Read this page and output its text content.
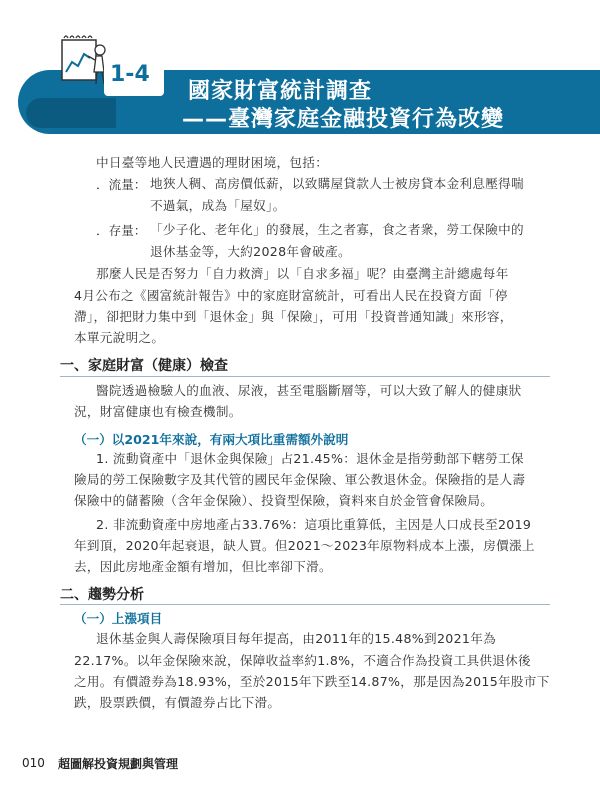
1-4
國家財富統計調查
——臺灣家庭金融投資行為改變
中日臺等地人民遭遇的理財困境，包括：
．流量： 地狹人稠、高房價低薪，以致購屋貸款人士被房貸本金利息壓得喘
不過氣，成為「屋奴」。
．存量： 「少子化、老年化」的發展，生之者寡，食之者衆，勞工保險中的
退休基金等，大約2028年會破產。
那麼人民是否努力「自力救濟」以「自求多福」呢？由臺灣主計總處每年
4月公布之《國富統計報告》中的家庭財富統計，可看出人民在投資方面「停
滯」，卻把財力集中到「退休金」與「保險」，可用「投資普通知識」來形容，
本單元說明之。
一、家庭財富（健康）檢查
醫院透過檢驗人的血液、尿液，甚至電腦斷層等，可以大致了解人的健康狀
況，財富健康也有檢查機制。
（一）以2021年來說，有兩大項比重需額外說明
1. 流動資產中「退休金與保險」占21.45%：退休金是指勞動部下轄勞工保
險局的勞工保險數字及其代管的國民年金保險、軍公教退休金。保險指的是人壽
保險中的儲蓄險（含年金保險）、投資型保險，資料來自於金管會保險局。
2. 非流動資產中房地產占33.76%：這項比重算低，主因是人口成長至2019
年到頂，2020年起衰退，缺人買。但2021～2023年原物料成本上漲，房價漲上
去，因此房地產金額有增加，但比率卻下滑。
二、趨勢分析
（一）上漲項目
退休基金與人壽保險項目每年提高，由2011年的15.48%到2021年為
22.17%。以年金保險來說，保障收益率約1.8%，不適合作為投資工具供退休後
之用。有價證券為18.93%，至於2015年下跌至14.87%，那是因為2015年股市下
跌，股票跌價，有價證券占比下滑。
010 超圖解投資規劃與管理
